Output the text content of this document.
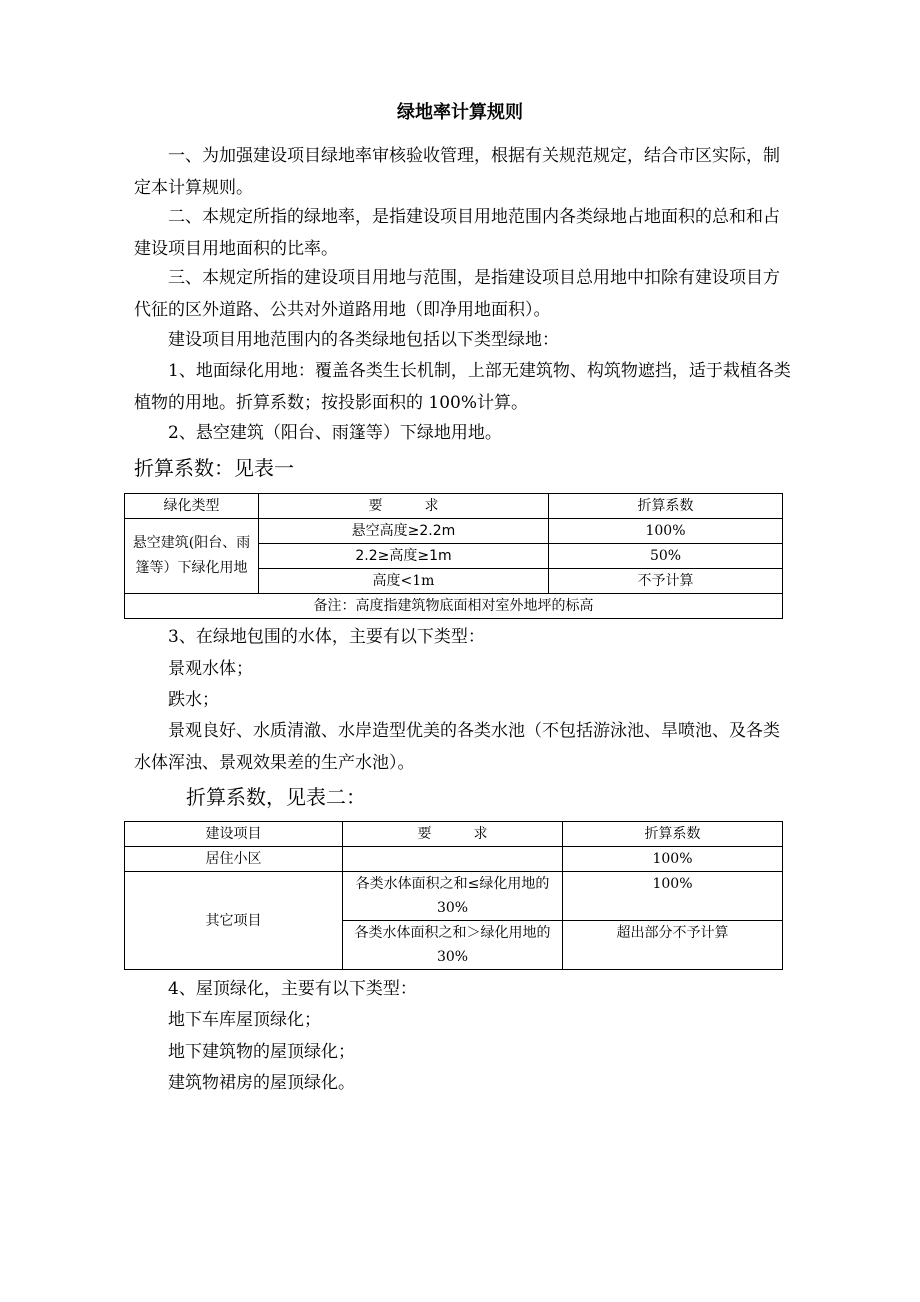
绿地率计算规则
一、为加强建设项目绿地率审核验收管理，根据有关规范规定，结合市区实际，制定本计算规则。
二、本规定所指的绿地率，是指建设项目用地范围内各类绿地占地面积的总和和占建设项目用地面积的比率。
三、本规定所指的建设项目用地与范围，是指建设项目总用地中扣除有建设项目方代征的区外道路、公共对外道路用地（即净用地面积）。
建设项目用地范围内的各类绿地包括以下类型绿地：
1、地面绿化用地：覆盖各类生长机制，上部无建筑物、构筑物遮挡，适于栽植各类植物的用地。折算系数；按投影面积的 100%计算。
2、悬空建筑（阳台、雨篷等）下绿地用地。
折算系数：见表一
绿化类型	要　　　求	折算系数
悬空建筑(阳台、雨篷等）下绿化用地	悬空高度≥2.2m	100%
	2.2≥高度≥1m	50%
	高度<1m	不予计算
备注：高度指建筑物底面相对室外地坪的标高		
3、在绿地包围的水体，主要有以下类型：
景观水体；
跌水；
景观良好、水质清澈、水岸造型优美的各类水池（不包括游泳池、旱喷池、及各类水体浑浊、景观效果差的生产水池）。
折算系数，见表二：
建设项目	要　　　求	折算系数
居住小区		100%
其它项目	各类水体面积之和≤绿化用地的 30%	100%
	各类水体面积之和＞绿化用地的 30%	超出部分不予计算
4、屋顶绿化，主要有以下类型：
地下车库屋顶绿化；
地下建筑物的屋顶绿化；
建筑物裙房的屋顶绿化。
